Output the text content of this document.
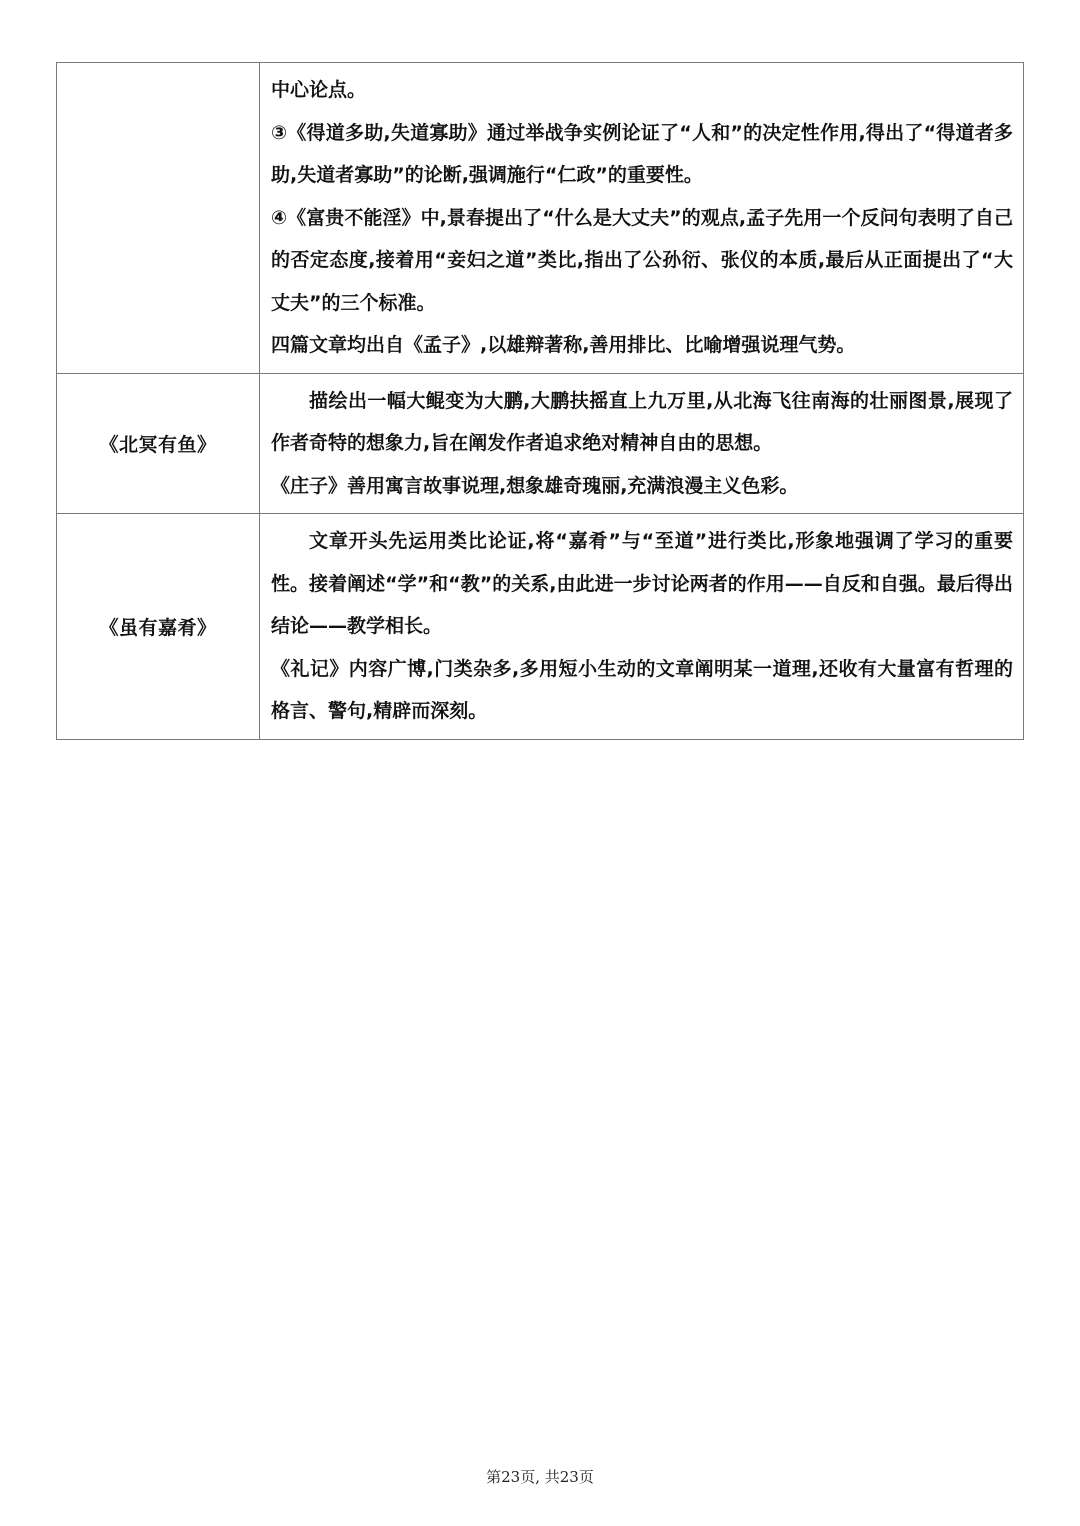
	中心论点。

③《得道多助,失道寡助》通过举战争实例论证了“人和”的决定性作用,得出了“得道者多助,失道者寡助”的论断,强调施行“仁政”的重要性。

④《富贵不能淫》中,景春提出了“什么是大丈夫”的观点,孟子先用一个反问句表明了自己的否定态度,接着用“妾妇之道”类比,指出了公孙衍、张仪的本质,最后从正面提出了“大丈夫”的三个标准。

四篇文章均出自《孟子》,以雄辩著称,善用排比、比喻增强说理气势。

《北冥有鱼》	描绘出一幅大鲲变为大鹏,大鹏扶摇直上九万里,从北海飞往南海的壮丽图景,展现了作者奇特的想象力,旨在阐发作者追求绝对精神自由的思想。

《庄子》善用寓言故事说理,想象雄奇瑰丽,充满浪漫主义色彩。

《虽有嘉肴》	文章开头先运用类比论证,将“嘉肴”与“至道”进行类比,形象地强调了学习的重要性。接着阐述“学”和“教”的关系,由此进一步讨论两者的作用——自反和自强。最后得出结论——教学相长。

《礼记》内容广博,门类杂多,多用短小生动的文章阐明某一道理,还收有大量富有哲理的格言、警句,精辟而深刻。

第23页, 共23页
